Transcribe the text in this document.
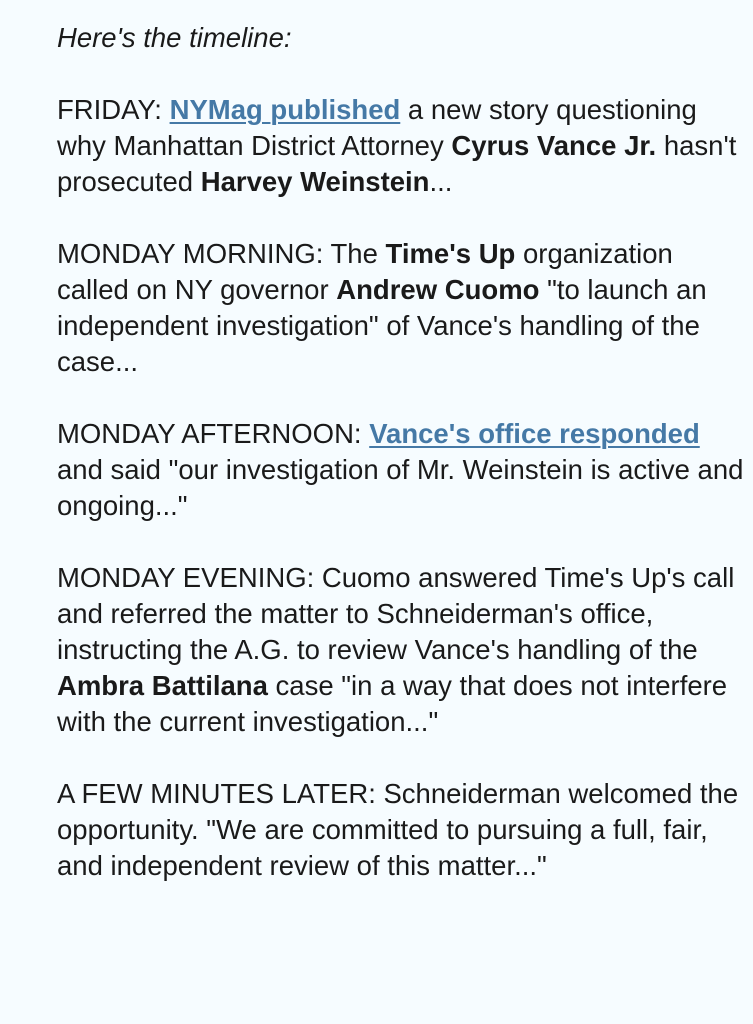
Here's the timeline:

FRIDAY: NYMag published a new story questioning why Manhattan District Attorney Cyrus Vance Jr. hasn't prosecuted Harvey Weinstein...

MONDAY MORNING: The Time's Up organization called on NY governor Andrew Cuomo "to launch an independent investigation" of Vance's handling of the case...

MONDAY AFTERNOON: Vance's office responded and said "our investigation of Mr. Weinstein is active and ongoing..."

MONDAY EVENING: Cuomo answered Time's Up's call and referred the matter to Schneiderman's office, instructing the A.G. to review Vance's handling of the Ambra Battilana case "in a way that does not interfere with the current investigation..."

A FEW MINUTES LATER: Schneiderman welcomed the opportunity. "We are committed to pursuing a full, fair, and independent review of this matter..."
